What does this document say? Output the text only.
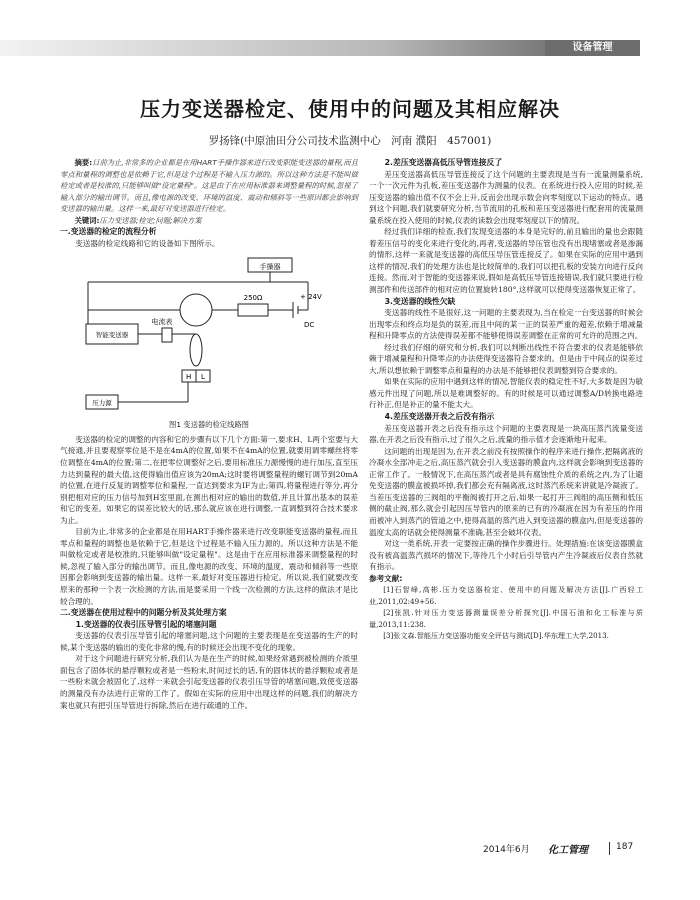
设备管理
压力变送器检定、使用中的问题及其相应解决
罗扬锋(中原油田分公司技术监测中心　河南 濮阳　457001)

摘要:目前为止,非常多的企业都是在用HART手操作器来进行改变职能变送器的量程,而且零点和量程的调整也是依赖于它,但是这个过程是不输入压力源的。所以这种方法是不能叫做检定或者是校准的,只能够叫做"设定量程"。这是由于在应用标准器来调整量程的时候,忽视了输入部分的输出调节。而且,像电源的改变、环境的温度、震动和倾斜等一些原因都会影响到变送器的输出量。这样一来,最好对变送器进行检定。

关键词:压力变送器;检定;问题;解决方案

一.变送器的检定的流程分析

变送器的检定线路和它的设备如下图所示。

手操器
电流表
250Ω	+ 24V
DC
智能变送器
H L
压力源
图1 变送器的检定线路图

变送器的检定的调整的内容和它的步骤有以下几个方面:第一,要求H、L两个室要与大气接通,并且要观察零位是不是在4mA的位置,如果不在4mA的位置,就要用调零螺丝将零位调整在4mA的位置;第二,在把零位调整好之后,要用标准压力源慢慢的进行加压,直至压力达到量程的最大值,这使得输出值应该为20mA;这时要将调整量程的螺钉调节到20mA的位置,在进行反复的调整零位和量程,一直达到要求为IF为止;第四,将量程进行等分,再分别把相对应的压力信号加到H室里面,在测出相对应的输出的数值,并且计算出基本的误差和它的变差。如果它的误差比较大的话,那么就应该在进行调整,一直调整到符合技术要求为止。

目前为止,非常多的企业都是在用HART手操作器来进行改变职能变送器的量程,而且零点和量程的调整也是依赖于它,但是这个过程是不输入压力源的。所以这种方法是不能叫做检定或者是校准的,只能够叫做"设定量程"。这是由于在应用标准器来调整量程的时候,忽视了输入部分的输出调节。而且,像电源的改变、环境的温度、震动和倾斜等一些原因都会影响到变送器的输出量。这样一来,最好对变压器进行检定。所以说,我们就要改变原来的那种一个表一次检测的方法,而是要采用一个线一次检测的方法,这样的做法才是比较合理的。

二.变送器在使用过程中的问题分析及其处理方案

1.变送器的仪表引压导管引起的堵塞问题

变送器的仪表引压导管引起的堵塞问题,这个问题的主要表现是在变送器的生产的时候,某个变送器的输出的变化非常的慢,有的时候还会出现不变化的现象。

对于这个问题进行研究分析,我们认为是在生产的时候,如果经常遇到被检测的介质里面包含了固体状的悬浮颗粒或者是一些粉末,时间过长的话,有的固体状的悬浮颗粒或者是一些粉末就会被固化了,这样一来就会引起变送器的仪表引压导管的堵塞问题,致使变送器的测量没有办法进行正常的工作了。假如在实际的应用中出现这样的问题,我们的解决方案也就只有把引压导管进行拆除,然后在进行疏通的工作。

2.差压变送器高低压导管连接反了

差压变送器高低压导管连接反了这个问题的主要表现是当有一流量测量系统,一个一次元件为孔板,差压变送器作为测量的仪表。在系统进行投入应用的时候,差压变送器的输出值不仅不会上升,反而会出现示数会向零刻度以下运动的特点。遇到这个问题,我们就要研究分析,当节流用的孔板和差压变送器进行配套用的流量测量系统在投入使用的时候,仪表的读数会出现零刻度以下的情况。

经过我们详细的检查,我们发现变送器的本身是完好的,前且输出的量也会跟随着差压信号的变化来进行变化的,再者,变送器的导压管也没有出现堵塞或者是渗漏的情形,这样一来就是变送器的高低压导压管连接反了。如果在实际的应用中遇到这样的情况,我们的处理方法也是比较简单的,我们可以把孔板的安装方向进行反向连接。然而,对于智能的变送器来说,假如是高低压导管连接错误,我们就只要进行检测部件和传送部件的相对应的位置旋转180°,这样就可以使得变送器恢复正常了。

3.变送器的线性欠缺

变送器的线性不是很好,这一问题的主要表现为,当在检定一台变送器的时候会出现零点和终点均是负的误差,而且中间的某一正的误差严重的超差,依赖于增减量程和升降零点的方法使得误差都不能够使得误差调整在正常的可允许的范围之内。

经过我们仔细的研究和分析,我们可以判断出线性不符合要求的仪表是能够依赖于增减量程和升降零点的办法使得变送器符合要求的。但是由于中间点的误差过大,所以想依赖于调整零点和量程的办法是不能够把仪表调整到符合要求的。

如果在实际的应用中遇到这样的情况,智能仪表的稳定性不好,大多数是因为敏感元件出现了问题,所以是难调整好的。有的时候是可以通过调整A/D转换电路进行补正,但是补正的量不能太大。

4.差压变送器开表之后没有指示

差压变送器开表之后没有指示这个问题的主要表现是一块高压蒸汽流量变送器,在开表之后没有指示,过了很久之后,流量的指示值才会逐渐地升起来。

这问题的出现是因为,在开表之前没有按照操作的程序来进行操作,把隔离液的冷凝水全部冲走之后,高压蒸汽就会引入变送器的膜盒内,这样就会影响到变送器的正常工作了。一般情况下,在高压蒸汽或者是具有腐蚀性介质的系统之内,为了让避免变送器的膜盒被损坏掉,我们都会充有隔离液,这时蒸汽系统来讲就是冷凝液了。当差压变送器的三阀组的平衡阀被打开之后,如果一起打开三阀组的高压侧和低压侧的截止阀,那么就会引起因压导管内的原来的已有的冷凝液在因为有差压的作用而被冲入到蒸汽的管道之中,使得高温的蒸汽进入到变送器的膜盒内,但是变送器的温度太高的话就会使得测量不准确,甚至会破坏仪表。

对这一类系统,开表一定要按正确的操作步骤进行。处理措施:在该变送器膜盒没有被高温蒸汽损坏的情况下,等待几个小时后引导管内产生冷凝液后仪表自然就有指示。

参考文献:

[1]石智峰,高彬.压力变送器检定、使用中的问题及解决方法[J].广西轻工业,2011,02:49+56.

[2]张凯.针对压力变送器测量误差分析探究[J].中国石油和化工标准与质量,2013,11:238.

[3]张文森.智能压力变送器功能安全评估与测试[D].华东理工大学,2013.

2014年6月 化工管理	187
